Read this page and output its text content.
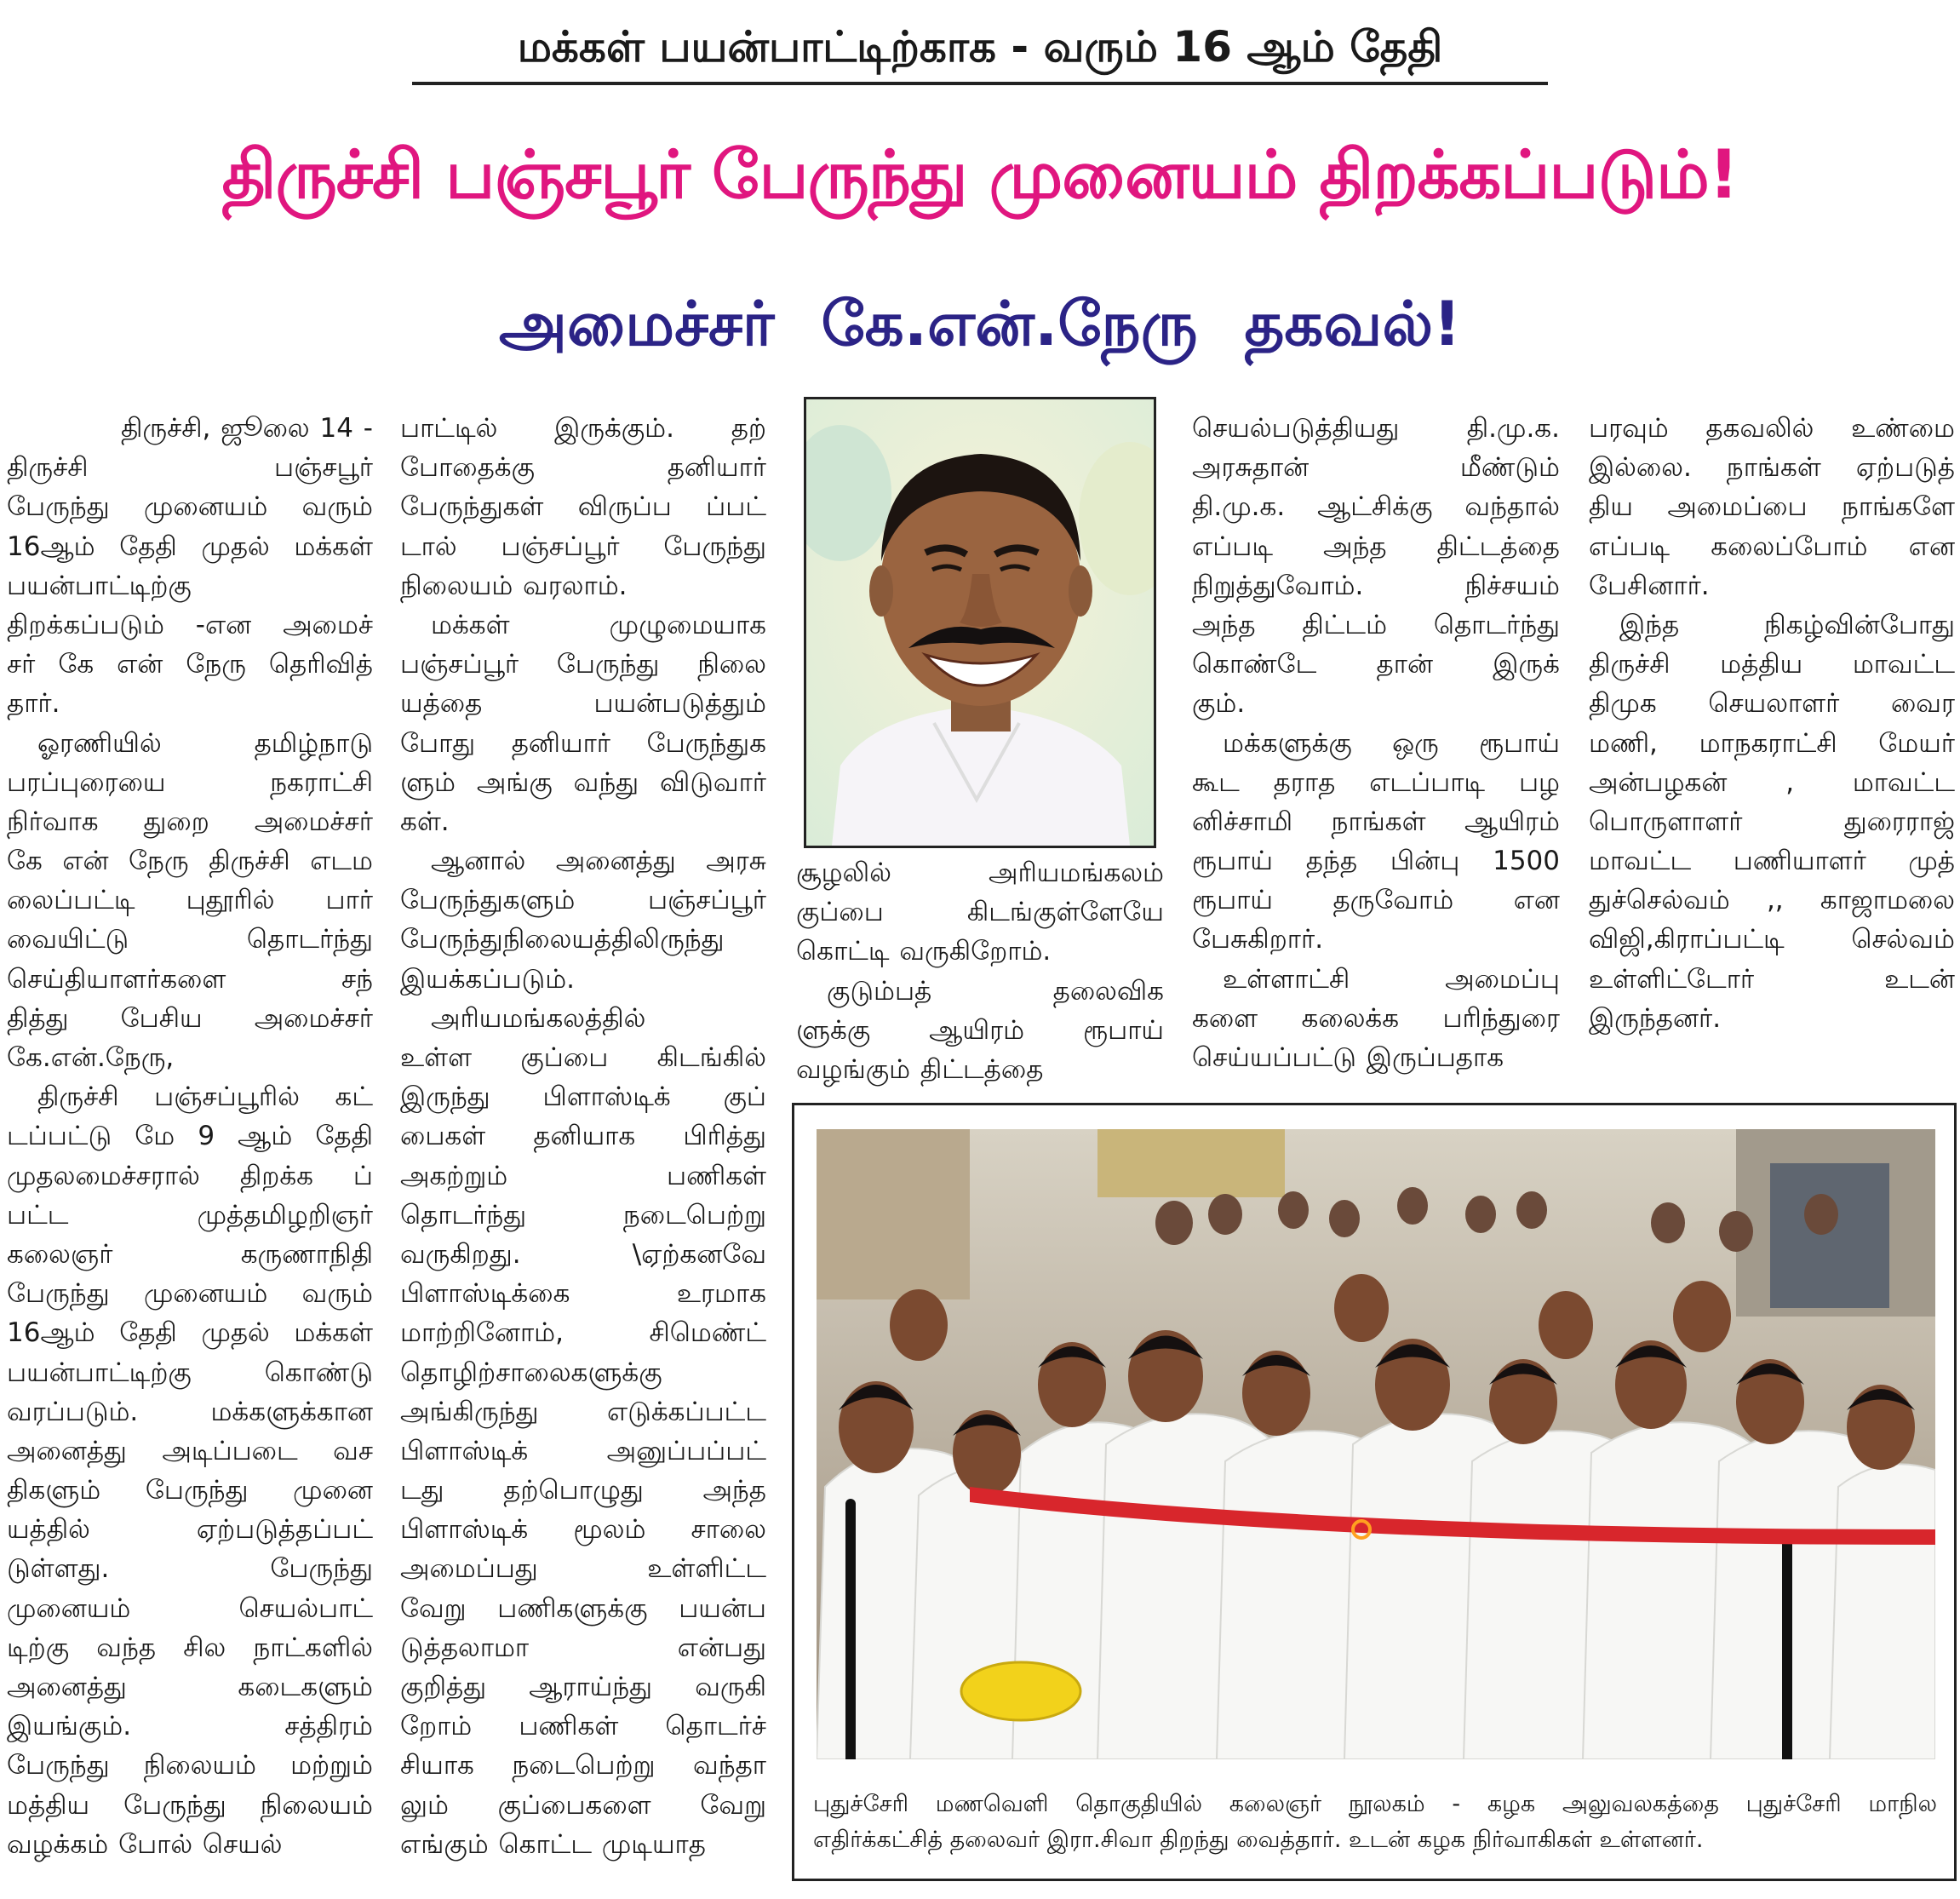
மக்கள் பயன்பாட்டிற்காக - வரும் 16 ஆம் தேதி
திருச்சி பஞ்சபூர் பேருந்து முனையம் திறக்கப்படும்!
அமைச்சர் கே.என்.நேரு தகவல்!
திருச்சி, ஜூலை 14 -
திருச்சி பஞ்சபூர்
பேருந்து முனையம் வரும்
16ஆம் தேதி முதல் மக்கள்
பயன்பாட்டிற்கு
திறக்கப்படும் -என அமைச்
சர் கே என் நேரு தெரிவித்
தார்.
ஓரணியில் தமிழ்நாடு
பரப்புரையை நகராட்சி
நிர்வாக துறை அமைச்சர்
கே என் நேரு திருச்சி எடம
லைப்பட்டி புதூரில் பார்
வையிட்டு தொடர்ந்து
செய்தியாளர்களை சந்
தித்து பேசிய அமைச்சர்
கே.என்.நேரு,
திருச்சி பஞ்சப்பூரில் கட்
டப்பட்டு மே 9 ஆம் தேதி
முதலமைச்சரால் திறக்க ப்
பட்ட முத்தமிழறிஞர்
கலைஞர் கருணாநிதி
பேருந்து முனையம் வரும்
16ஆம் தேதி முதல் மக்கள்
பயன்பாட்டிற்கு கொண்டு
வரப்படும். மக்களுக்கான
அனைத்து அடிப்படை வச
திகளும் பேருந்து முனை
யத்தில் ஏற்படுத்தப்பட்
டுள்ளது. பேருந்து
முனையம் செயல்பாட்
டிற்கு வந்த சில நாட்களில்
அனைத்து கடைகளும்
இயங்கும். சத்திரம்
பேருந்து நிலையம் மற்றும்
மத்திய பேருந்து நிலையம்
வழக்கம் போல் செயல்
பாட்டில் இருக்கும். தற்
போதைக்கு தனியார்
பேருந்துகள் விருப்ப ப்பட்
டால் பஞ்சப்பூர் பேருந்து
நிலையம் வரலாம்.
மக்கள் முழுமையாக
பஞ்சப்பூர் பேருந்து நிலை
யத்தை பயன்படுத்தும்
போது தனியார் பேருந்துக
ளும் அங்கு வந்து விடுவார்
கள்.
ஆனால் அனைத்து அரசு
பேருந்துகளும் பஞ்சப்பூர்
பேருந்துநிலையத்திலிருந்து
இயக்கப்படும்.
அரியமங்கலத்தில்
உள்ள குப்பை கிடங்கில்
இருந்து பிளாஸ்டிக் குப்
பைகள் தனியாக பிரித்து
அகற்றும் பணிகள்
தொடர்ந்து நடைபெற்று
வருகிறது. \ஏற்கனவே
பிளாஸ்டிக்கை உரமாக
மாற்றினோம், சிமெண்ட்
தொழிற்சாலைகளுக்கு
அங்கிருந்து எடுக்கப்பட்ட
பிளாஸ்டிக் அனுப்பப்பட்
டது தற்பொழுது அந்த
பிளாஸ்டிக் மூலம் சாலை
அமைப்பது உள்ளிட்ட
வேறு பணிகளுக்கு பயன்ப
டுத்தலாமா என்பது
குறித்து ஆராய்ந்து வருகி
றோம் பணிகள் தொடர்ச்
சியாக நடைபெற்று வந்தா
லும் குப்பைகளை வேறு
எங்கும் கொட்ட முடியாத
சூழலில் அரியமங்கலம்
குப்பை கிடங்குள்ளேயே
கொட்டி வருகிறோம்.
குடும்பத் தலைவிக
ளுக்கு ஆயிரம் ரூபாய்
வழங்கும் திட்டத்தை
செயல்படுத்தியது தி.மு.க.
அரசுதான் மீண்டும்
தி.மு.க. ஆட்சிக்கு வந்தால்
எப்படி அந்த திட்டத்தை
நிறுத்துவோம். நிச்சயம்
அந்த திட்டம் தொடர்ந்து
கொண்டே தான் இருக்
கும்.
மக்களுக்கு ஒரு ரூபாய்
கூட தராத எடப்பாடி பழ
னிச்சாமி நாங்கள் ஆயிரம்
ரூபாய் தந்த பின்பு 1500
ரூபாய் தருவோம் என
பேசுகிறார்.
உள்ளாட்சி அமைப்பு
களை கலைக்க பரிந்துரை
செய்யப்பட்டு இருப்பதாக
பரவும் தகவலில் உண்மை
இல்லை. நாங்கள் ஏற்படுத்
திய அமைப்பை நாங்களே
எப்படி கலைப்போம் என
பேசினார்.
இந்த நிகழ்வின்போது
திருச்சி மத்திய மாவட்ட
திமுக செயலாளர் வைர
மணி, மாநகராட்சி மேயர்
அன்பழகன் , மாவட்ட
பொருளாளர் துரைராஜ்
மாவட்ட பணியாளர் முத்
துச்செல்வம் ,, காஜாமலை
விஜி,கிராப்பட்டி செல்வம்
உள்ளிட்டோர் உடன்
இருந்தனர்.
புதுச்சேரி மணவெளி தொகுதியில் கலைஞர் நூலகம் - கழக அலுவலகத்தை புதுச்சேரி மாநில
எதிர்க்கட்சித் தலைவர் இரா.சிவா திறந்து வைத்தார். உடன் கழக நிர்வாகிகள் உள்ளனர்.
